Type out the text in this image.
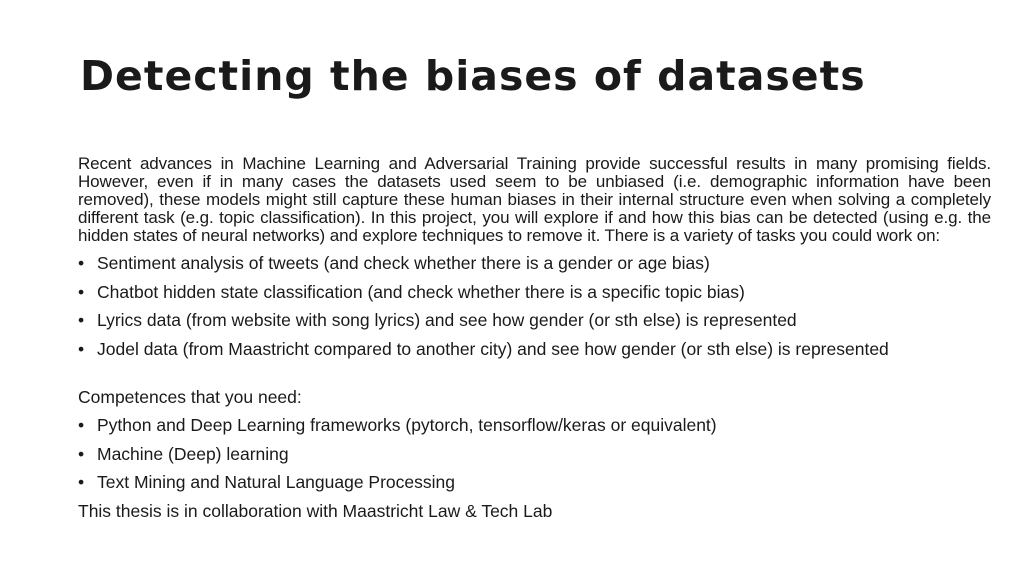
Detecting the biases of datasets

Recent advances in Machine Learning and Adversarial Training provide successful results in many promising fields. However, even if in many cases the datasets used seem to be unbiased (i.e. demographic information have been removed), these models might still capture these human biases in their internal structure even when solving a completely different task (e.g. topic classification). In this project, you will explore if and how this bias can be detected (using e.g. the hidden states of neural networks) and explore techniques to remove it. There is a variety of tasks you could work on:

• Sentiment analysis of tweets (and check whether there is a gender or age bias)
• Chatbot hidden state classification (and check whether there is a specific topic bias)
• Lyrics data (from website with song lyrics) and see how gender (or sth else) is represented
• Jodel data (from Maastricht compared to another city) and see how gender (or sth else) is represented

Competences that you need:

• Python and Deep Learning frameworks (pytorch, tensorflow/keras or equivalent)
• Machine (Deep) learning
• Text Mining and Natural Language Processing

This thesis is in collaboration with Maastricht Law & Tech Lab
